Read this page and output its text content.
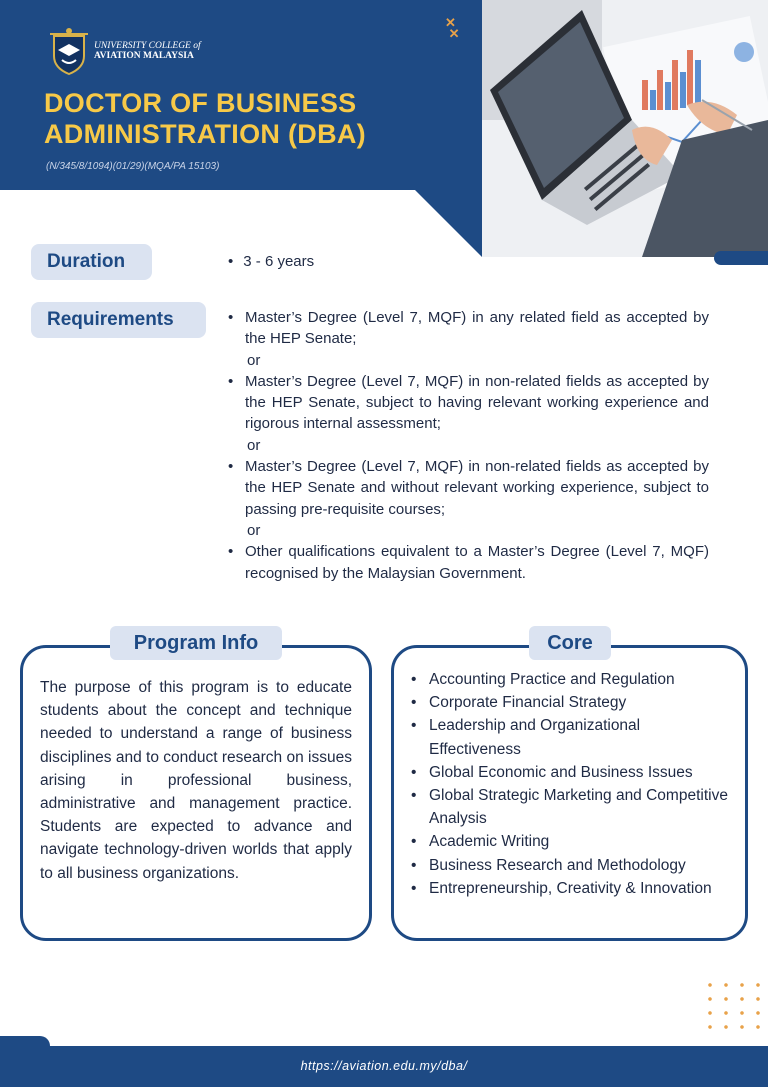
UNIVERSITY COLLEGE of
AVIATION MALAYSIA
DOCTOR OF BUSINESS
ADMINISTRATION (DBA)
(N/345/8/1094)(01/29)(MQA/PA 15103)
✕
✕
Duration	• 3 - 6 years
Requirements	• Master’s Degree (Level 7, MQF) in any related field as accepted by the HEP Senate;
or
• Master’s Degree (Level 7, MQF) in non-related fields as accepted by the HEP Senate, subject to having relevant working experience and rigorous internal assessment;
or
• Master’s Degree (Level 7, MQF) in non-related fields as accepted by the HEP Senate and without relevant working experience, subject to passing pre-requisite courses;
or
• Other qualifications equivalent to a Master’s Degree (Level 7, MQF) recognised by the Malaysian Government.
Program Info
The purpose of this program is to educate students about the concept and technique needed to understand a range of business disciplines and to conduct research on issues arising in professional business, administrative and management practice. Students are expected to advance and navigate technology-driven worlds that apply to all business organizations.
Core
• Accounting Practice and Regulation
• Corporate Financial Strategy
• Leadership and Organizational Effectiveness
• Global Economic and Business Issues
• Global Strategic Marketing and Competitive Analysis
• Academic Writing
• Business Research and Methodology
• Entrepreneurship, Creativity & Innovation
https://aviation.edu.my/dba/
